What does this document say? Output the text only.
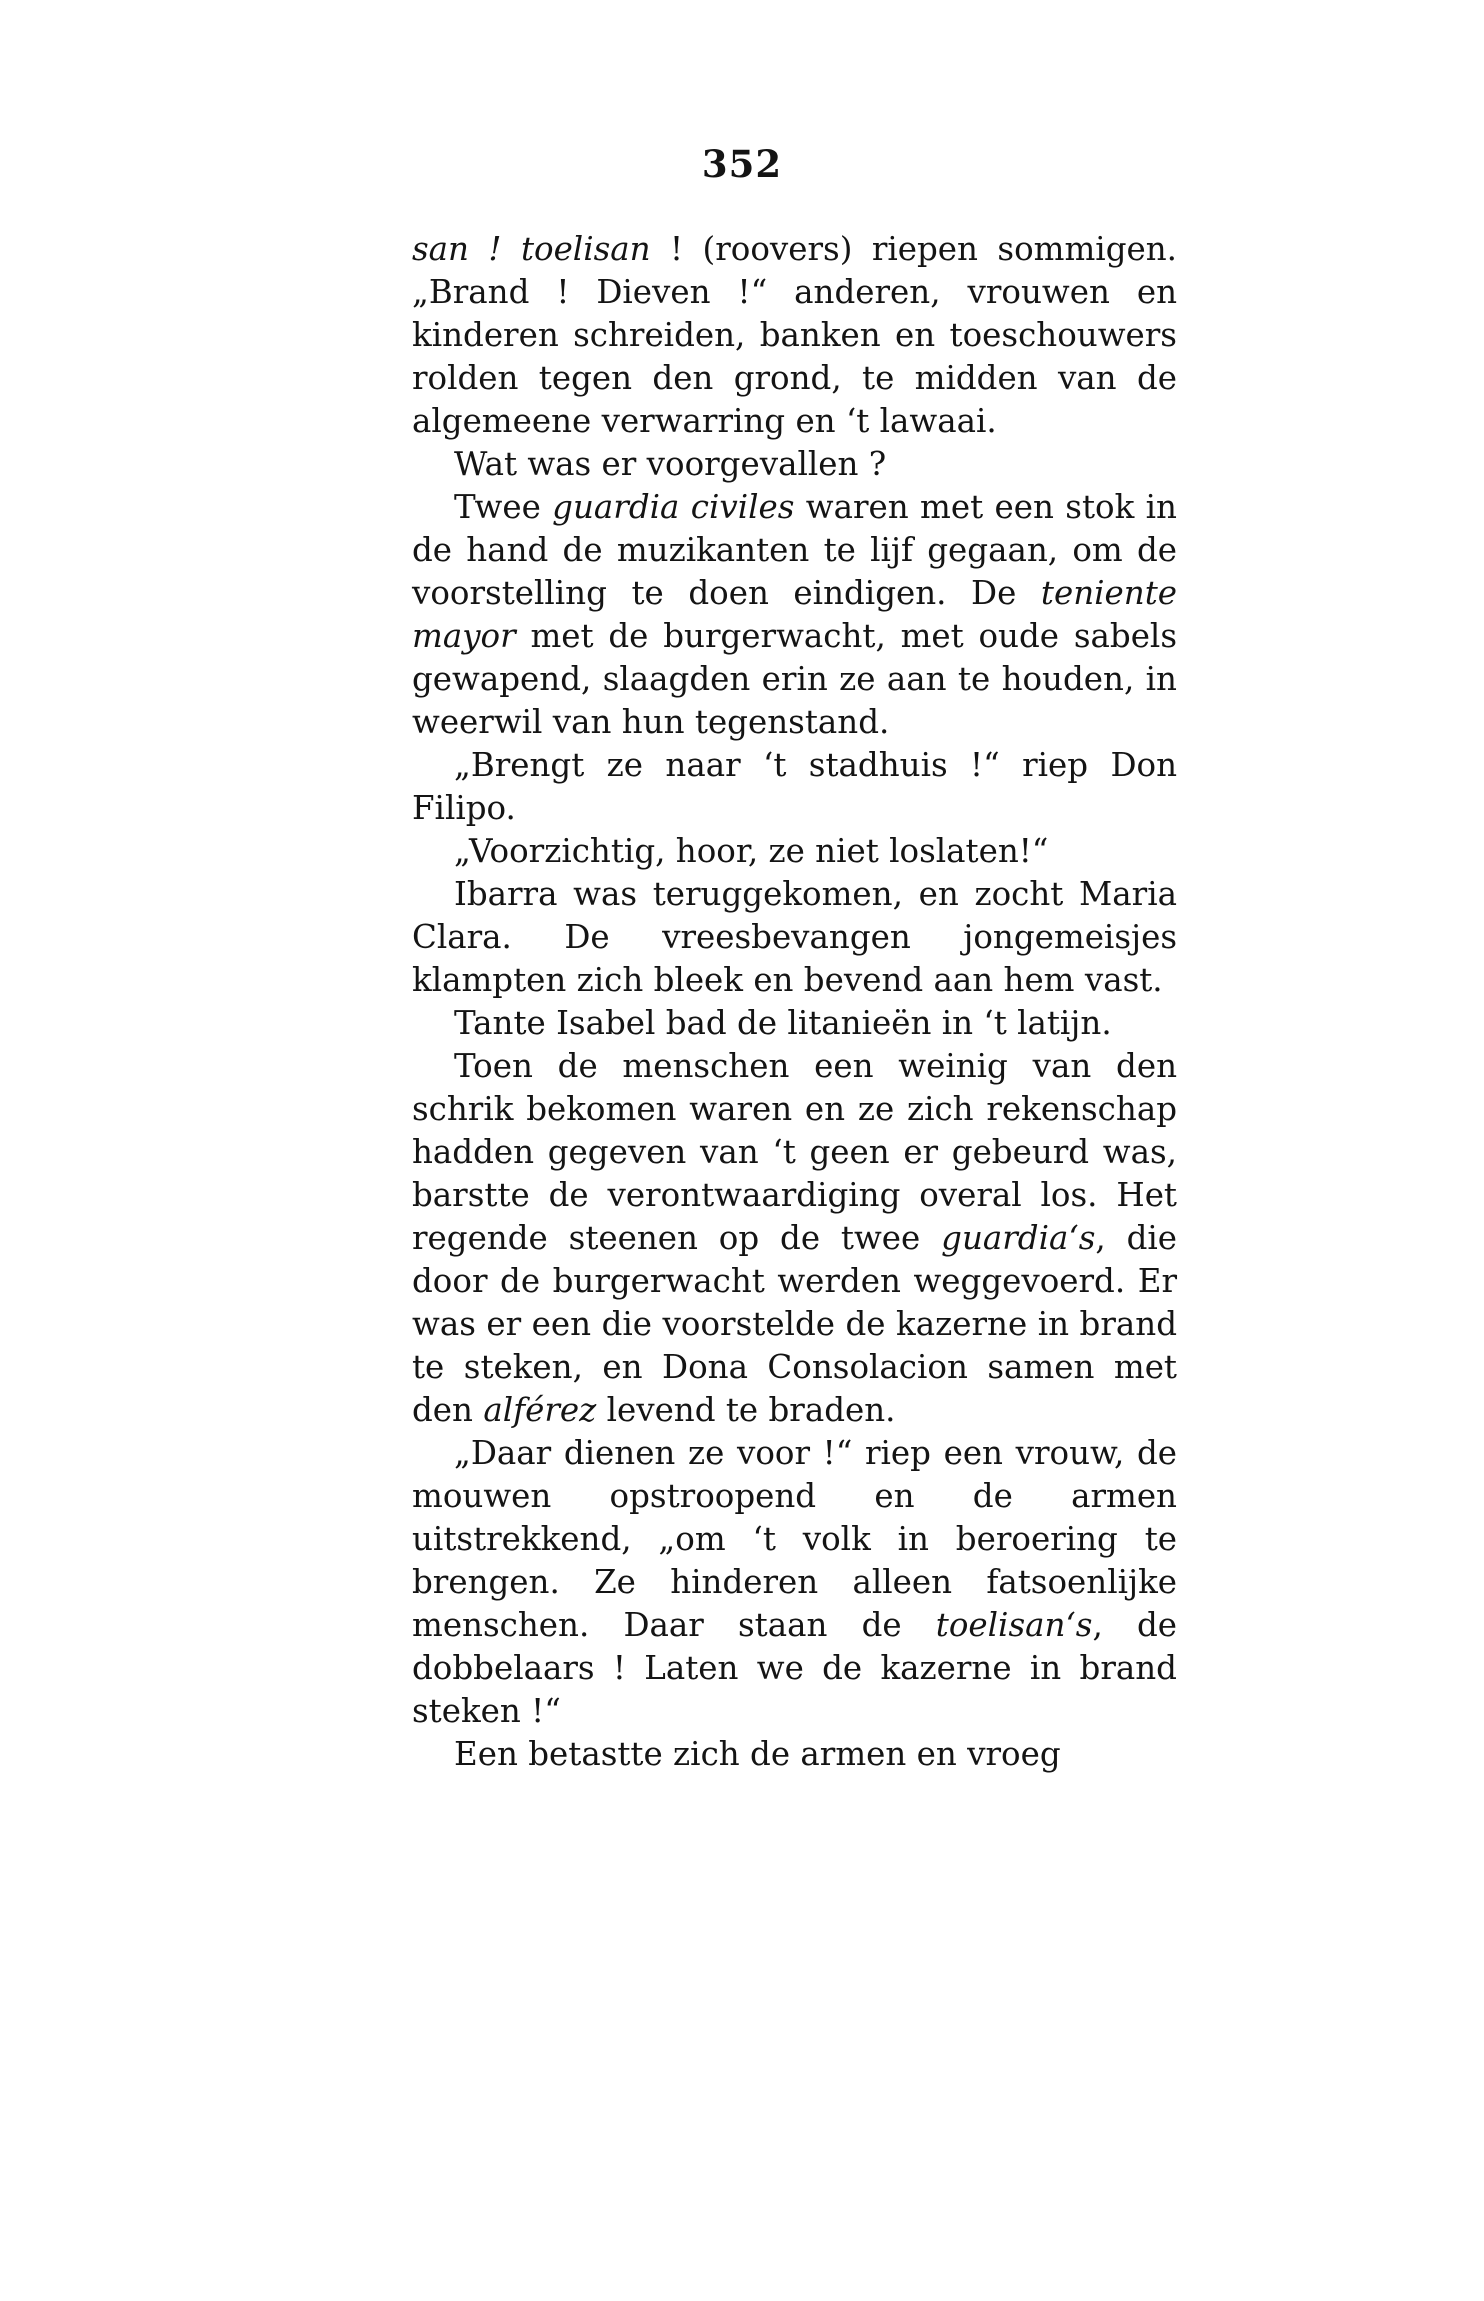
352

san ! toelisan ! (roovers) riepen sommigen. „Brand ! Dieven !“ anderen, vrouwen en kinderen schreiden, banken en toeschouwers rolden tegen den grond, te midden van de algemeene verwarring en ‘t lawaai.

Wat was er voorgevallen ?

Twee guardia civiles waren met een stok in de hand de muzikanten te lijf gegaan, om de voorstelling te doen eindigen. De teniente mayor met de burgerwacht, met oude sabels gewapend, slaagden erin ze aan te houden, in weerwil van hun tegenstand.

„Brengt ze naar ‘t stadhuis !“ riep Don Filipo.

„Voorzichtig, hoor, ze niet loslaten!“

Ibarra was teruggekomen, en zocht Maria Clara. De vreesbevangen jongemeisjes klampten zich bleek en bevend aan hem vast.

Tante Isabel bad de litanieën in ‘t latijn.

Toen de menschen een weinig van den schrik bekomen waren en ze zich rekenschap hadden gegeven van ‘t geen er gebeurd was, barstte de verontwaardiging overal los. Het regende steenen op de twee guardia‘s, die door de burgerwacht werden weggevoerd. Er was er een die voorstelde de kazerne in brand te steken, en Dona Consolacion samen met den alférez levend te braden.

„Daar dienen ze voor !“ riep een vrouw, de mouwen opstroopend en de armen uitstrekkend, „om ‘t volk in beroering te brengen. Ze hinderen alleen fatsoenlijke menschen. Daar staan de toelisan‘s, de dobbelaars ! Laten we de kazerne in brand steken !“

Een betastte zich de armen en vroeg
